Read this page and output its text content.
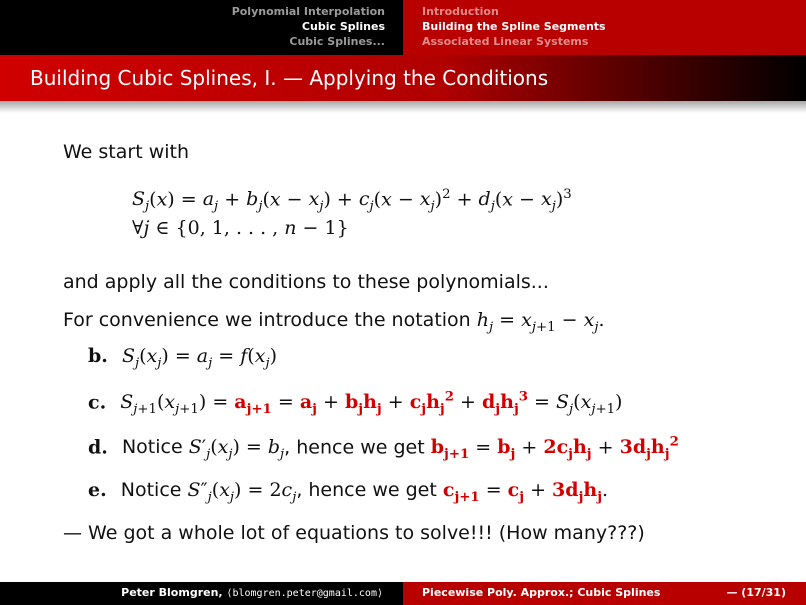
Polynomial Interpolation
Cubic Splines
Cubic Splines...
Introduction
Building the Spline Segments
Associated Linear Systems
Building Cubic Splines, I. — Applying the Conditions
We start with
$S_j(x) = a_j + b_j(x - x_j) + c_j(x - x_j)^2 + d_j(x - x_j)^3$
∀j ∈ {0, 1, . . . , n − 1}
and apply all the conditions to these polynomials...
For convenience we introduce the notation $h_j = x_{j+1} - x_j$.
b. $S_j(x_j) = a_j = f(x_j)$
c. $S_{j+1}(x_{j+1}) = a_{j+1} = a_j + b_jh_j + c_jh_j^2 + d_jh_j^3 = S_j(x_{j+1})$
d. Notice $S'_j(x_j) = b_j$, hence we get $b_{j+1} = b_j + 2c_jh_j + 3d_jh_j^2$
e. Notice $S''_j(x_j) = 2c_j$, hence we get $c_{j+1} = c_j + 3d_jh_j$.
— We got a whole lot of equations to solve!!! (How many???)
Peter Blomgren, ⟨blomgren.peter@gmail.com⟩	Piecewise Poly. Approx.; Cubic Splines	— (17/31)
